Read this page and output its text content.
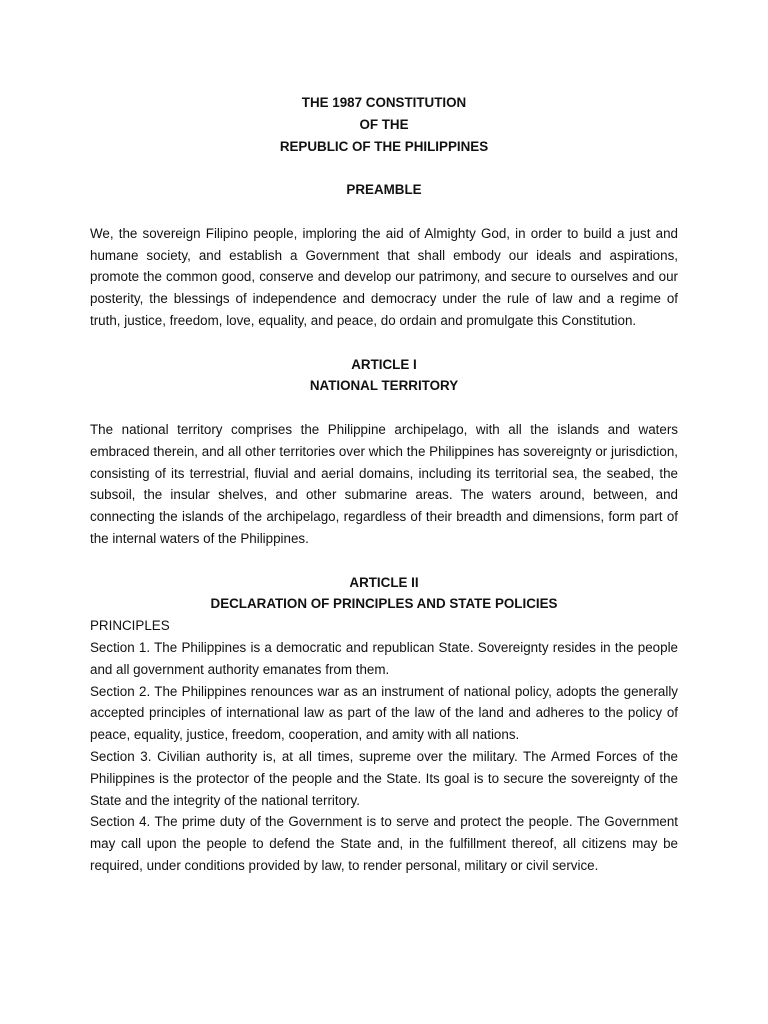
THE 1987 CONSTITUTION

OF THE

REPUBLIC OF THE PHILIPPINES

PREAMBLE

We, the sovereign Filipino people, imploring the aid of Almighty God, in order to build a just and humane society, and establish a Government that shall embody our ideals and aspirations, promote the common good, conserve and develop our patrimony, and secure to ourselves and our posterity, the blessings of independence and democracy under the rule of law and a regime of truth, justice, freedom, love, equality, and peace, do ordain and promulgate this Constitution.

ARTICLE I

NATIONAL TERRITORY

The national territory comprises the Philippine archipelago, with all the islands and waters embraced therein, and all other territories over which the Philippines has sovereignty or jurisdiction, consisting of its terrestrial, fluvial and aerial domains, including its territorial sea, the seabed, the subsoil, the insular shelves, and other submarine areas. The waters around, between, and connecting the islands of the archipelago, regardless of their breadth and dimensions, form part of the internal waters of the Philippines.

ARTICLE II

DECLARATION OF PRINCIPLES AND STATE POLICIES

PRINCIPLES

Section 1. The Philippines is a democratic and republican State. Sovereignty resides in the people and all government authority emanates from them.

Section 2. The Philippines renounces war as an instrument of national policy, adopts the generally accepted principles of international law as part of the law of the land and adheres to the policy of peace, equality, justice, freedom, cooperation, and amity with all nations.

Section 3. Civilian authority is, at all times, supreme over the military. The Armed Forces of the Philippines is the protector of the people and the State. Its goal is to secure the sovereignty of the State and the integrity of the national territory.

Section 4. The prime duty of the Government is to serve and protect the people. The Government may call upon the people to defend the State and, in the fulfillment thereof, all citizens may be required, under conditions provided by law, to render personal, military or civil service.
